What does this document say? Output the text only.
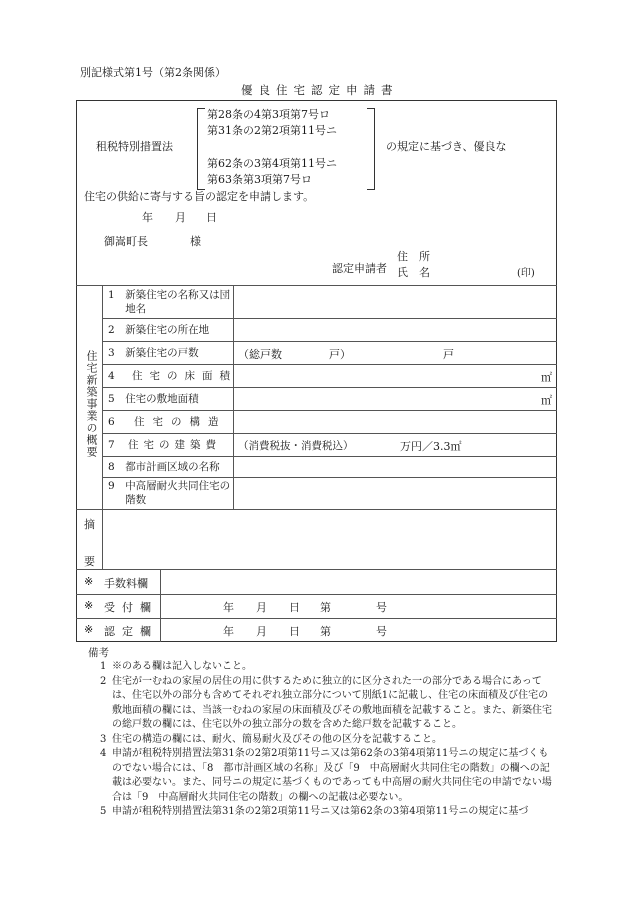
別記様式第1号（第2条関係）
優良住宅認定申請書
租税特別措置法
第28条の4第3項第7号ロ
第31条の2第2項第11号ニ
第62条の3第4項第11号ニ
第63条第3項第7号ロ
の規定に基づき、優良な
住宅の供給に寄与する旨の認定を申請します。
年 月 日
御嵩町長	様
認定申請者
住　所
氏　名	(印)
住宅新築事業の概要
1　 新築住宅の名称又は団地名
2　 新築住宅の所在地
3　 新築住宅の戸数	（総戸数	戸）	戸
4 住宅の床面積	㎡
5　 住宅の敷地面積	㎡
6 住宅の構造
7 住宅の建築費 （消費税抜・消費税込）	万円／3.3㎡
8　 都市計画区域の名称
9　 中高層耐火共同住宅の階数
摘
要
※ 手数料欄
※ 受付欄	年 月 日 第	号
※ 認定欄	年 月 日 第	号
備考
1 ※のある欄は記入しないこと。
2 住宅が一むねの家屋の居住の用に供するために独立的に区分された一の部分である場合にあっては、住宅以外の部分も含めてそれぞれ独立部分について別紙1に記載し、住宅の床面積及び住宅の敷地面積の欄には、当該一むねの家屋の床面積及びその敷地面積を記載すること。また、新築住宅の総戸数の欄には、住宅以外の独立部分の数を含めた総戸数を記載すること。
3 住宅の構造の欄には、耐火、簡易耐火及びその他の区分を記載すること。
4 申請が租税特別措置法第31条の2第2項第11号ニ又は第62条の3第4項第11号ニの規定に基づくものでない場合には、「8　都市計画区域の名称」及び「9　中高層耐火共同住宅の階数」の欄への記載は必要ない。また、同号ニの規定に基づくものであっても中高層の耐火共同住宅の申請でない場合は「9　中高層耐火共同住宅の階数」の欄への記載は必要ない。
5 申請が租税特別措置法第31条の2第2項第11号ニ又は第62条の3第4項第11号ニの規定に基づ
